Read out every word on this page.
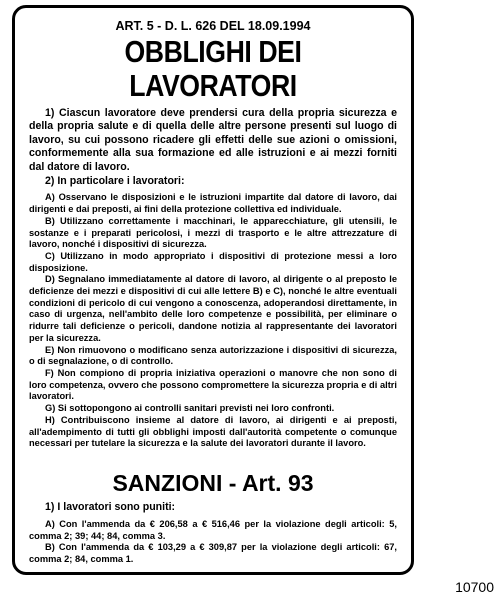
ART. 5 - D. L. 626 DEL 18.09.1994
OBBLIGHI DEI LAVORATORI

1) Ciascun lavoratore deve prendersi cura della propria sicurezza e della propria salute e di quella delle altre persone presenti sul luogo di lavoro, su cui possono ricadere gli effetti delle sue azioni o omissioni, conformemente alla sua formazione ed alle istruzioni e ai mezzi forniti dal datore di lavoro.

2) In particolare i lavoratori:

A) Osservano le disposizioni e le istruzioni impartite dal datore di lavoro, dai dirigenti e dai preposti, ai fini della protezione collettiva ed individuale.

B) Utilizzano correttamente i macchinari, le apparecchiature, gli utensili, le sostanze e i preparati pericolosi, i mezzi di trasporto e le altre attrezzature di lavoro, nonché i dispositivi di sicurezza.

C) Utilizzano in modo appropriato i dispositivi di protezione messi a loro disposizione.

D) Segnalano immediatamente al datore di lavoro, al dirigente o al preposto le deficienze dei mezzi e dispositivi di cui alle lettere B) e C), nonché le altre eventuali condizioni di pericolo di cui vengono a conoscenza, adoperandosi direttamente, in caso di urgenza, nell'ambito delle loro competenze e possibilità, per eliminare o ridurre tali deficienze o pericoli, dandone notizia al rappresentante dei lavoratori per la sicurezza.

E) Non rimuovono o modificano senza autorizzazione i dispositivi di sicurezza, o di segnalazione, o di controllo.

F) Non compiono di propria iniziativa operazioni o manovre che non sono di loro competenza, ovvero che possono compromettere la sicurezza propria e di altri lavoratori.

G) Si sottopongono ai controlli sanitari previsti nei loro confronti.

H) Contribuiscono insieme al datore di lavoro, ai dirigenti e ai preposti, all'adempimento di tutti gli obblighi imposti dall'autorità competente o comunque necessari per tutelare la sicurezza e la salute dei lavoratori durante il lavoro.

SANZIONI - Art. 93

1) I lavoratori sono puniti:

A) Con l'ammenda da € 206,58 a € 516,46 per la violazione degli articoli: 5, comma 2; 39; 44; 84, comma 3.

B) Con l'ammenda da € 103,29 a € 309,87 per la violazione degli articoli: 67, comma 2; 84, comma 1.

10700
